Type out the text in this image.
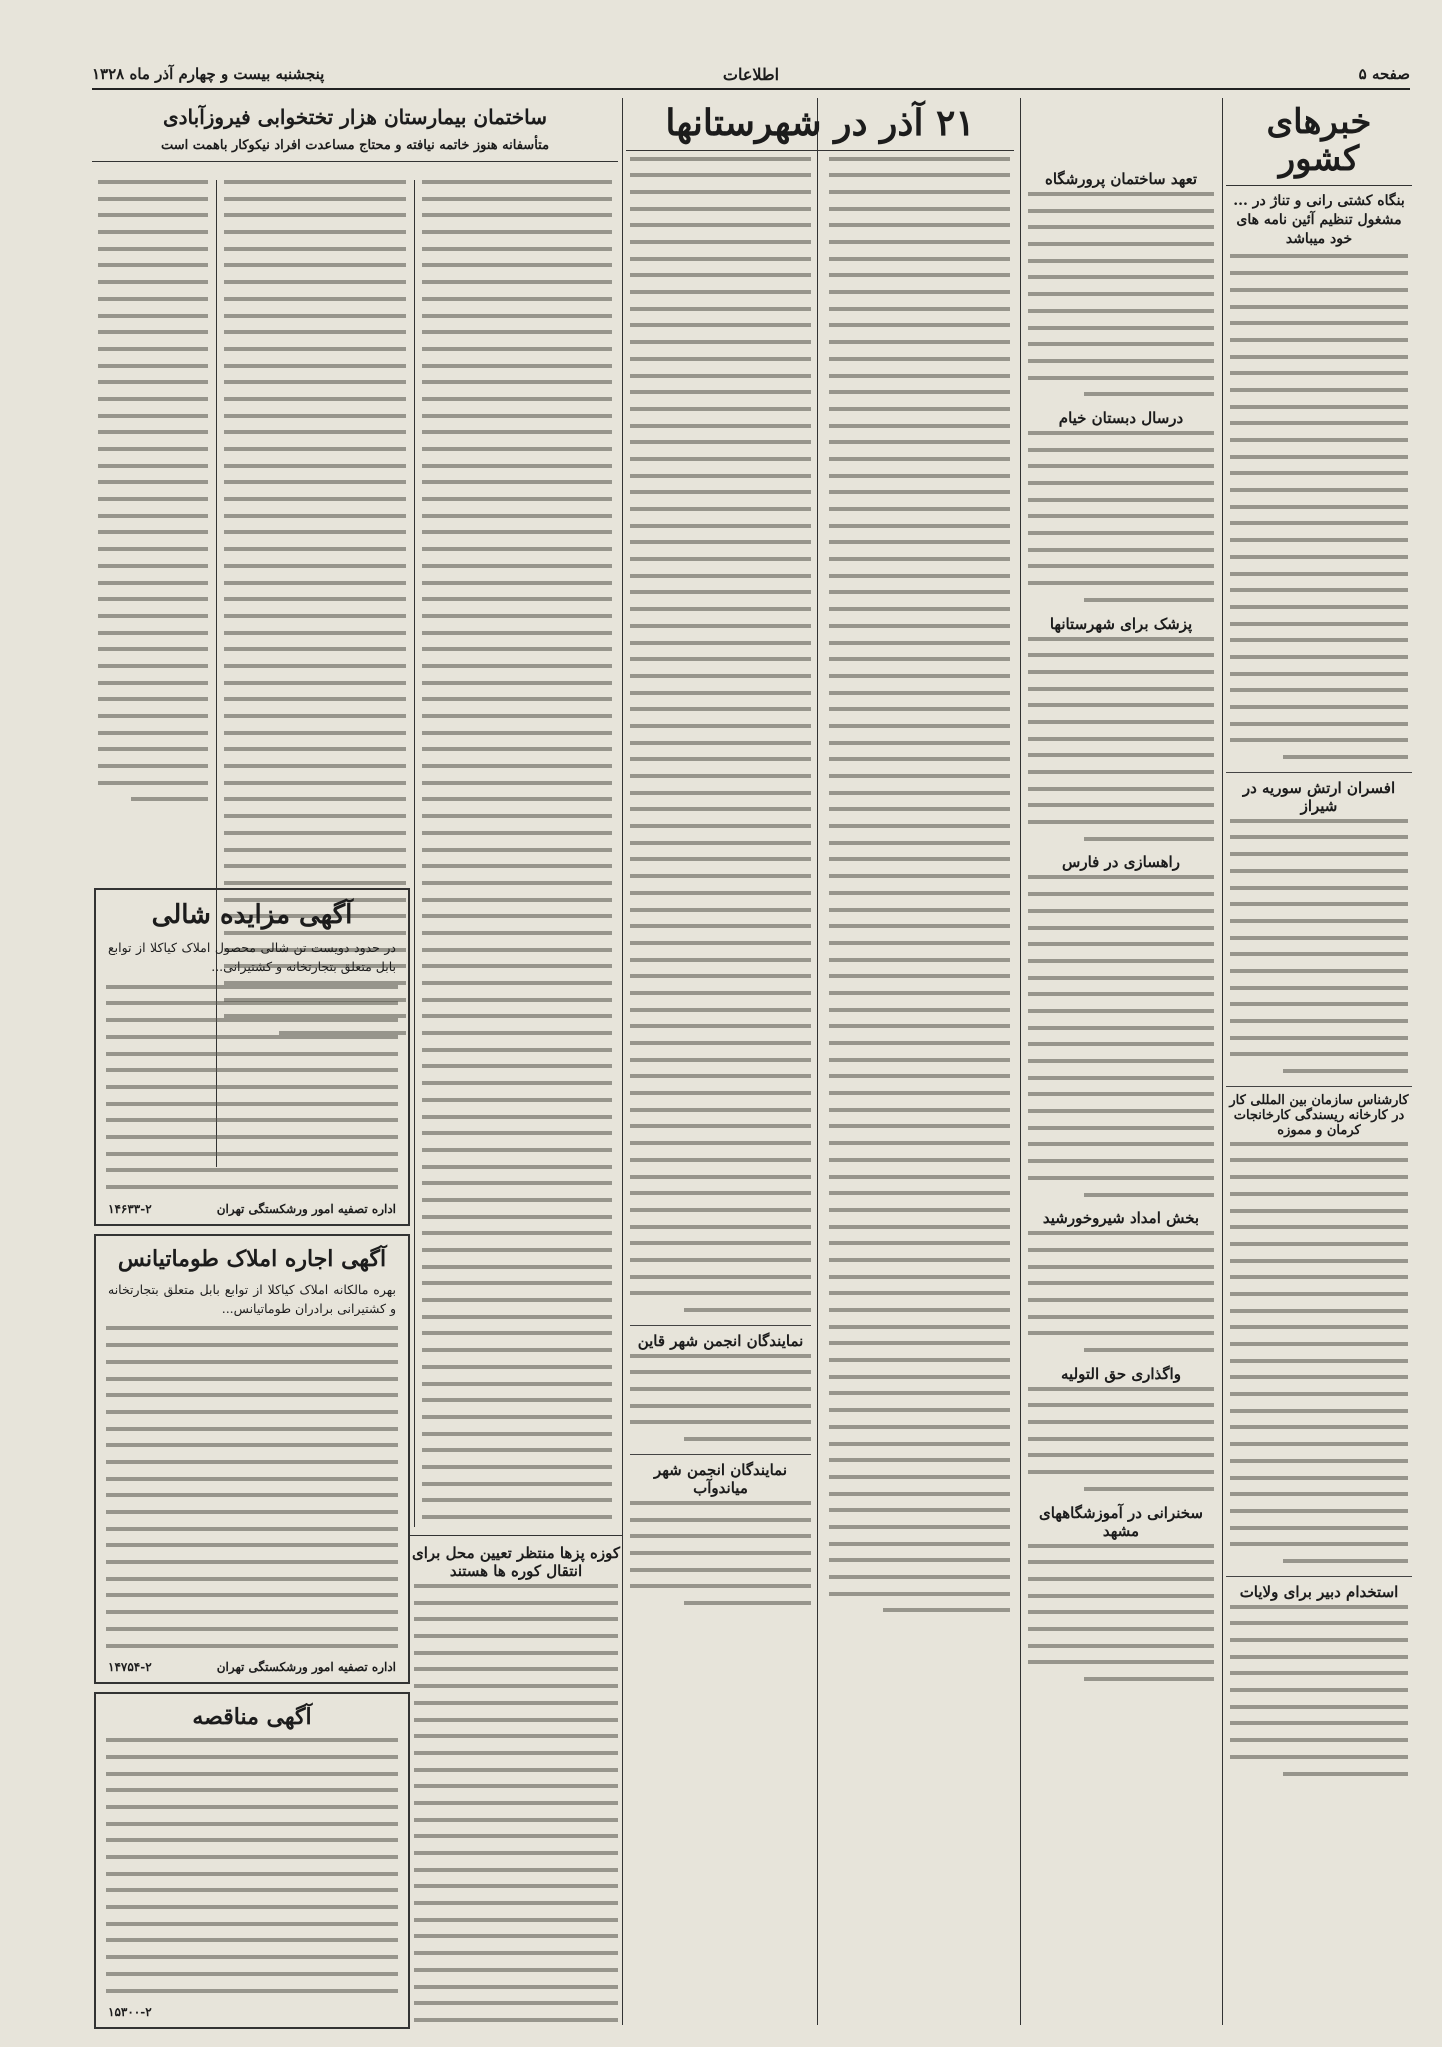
صفحه ۵
اطلاعات
پنجشنبه بیست و چهارم آذر ماه ۱۳۲۸
خبرهای کشور
بنگاه کشتی رانی و تناژ در ... مشغول تنظیم آئین نامه های خود میباشد
افسران ارتش سوریه در شیراز
کارشناس سازمان بین المللی کار در کارخانه ریسندگی کارخانجات کرمان و مموزه
استخدام دبیر برای ولایات
تعهد ساختمان پرورشگاه
درسال دبستان خیام
پزشک برای شهرستانها
راهسازی در فارس
بخش امداد شیروخورشید
واگذاری حق التولیه
سخنرانی در آموزشگاههای مشهد
۲۱ آذر در شهرستانها
نمایندگان انجمن شهر قاین
نمایندگان انجمن شهر میاندوآب
ساختمان بیمارستان هزار تختخوابی فیروزآبادی
متأسفانه هنوز خاتمه نیافته و محتاج مساعدت افراد نیکوکار باهمت است
کوزه پزها منتظر تعیین محل برای انتقال کوره ها هستند
آگهی مزایده شالی
در حدود دویست تن شالی محصول املاک کیاکلا از توابع بابل متعلق بتجارتخانه و کشتیرانی...
اداره تصفیه امور ورشکستگی تهران
۱۴۶۳۳-۲
آگهی اجاره املاک طوماتیانس
بهره مالکانه املاک کیاکلا از توابع بابل متعلق بتجارتخانه و کشتیرانی برادران طوماتیانس...
اداره تصفیه امور ورشکستگی تهران
۱۴۷۵۴-۲
آگهی مناقصه
۱۵۳۰۰-۲
